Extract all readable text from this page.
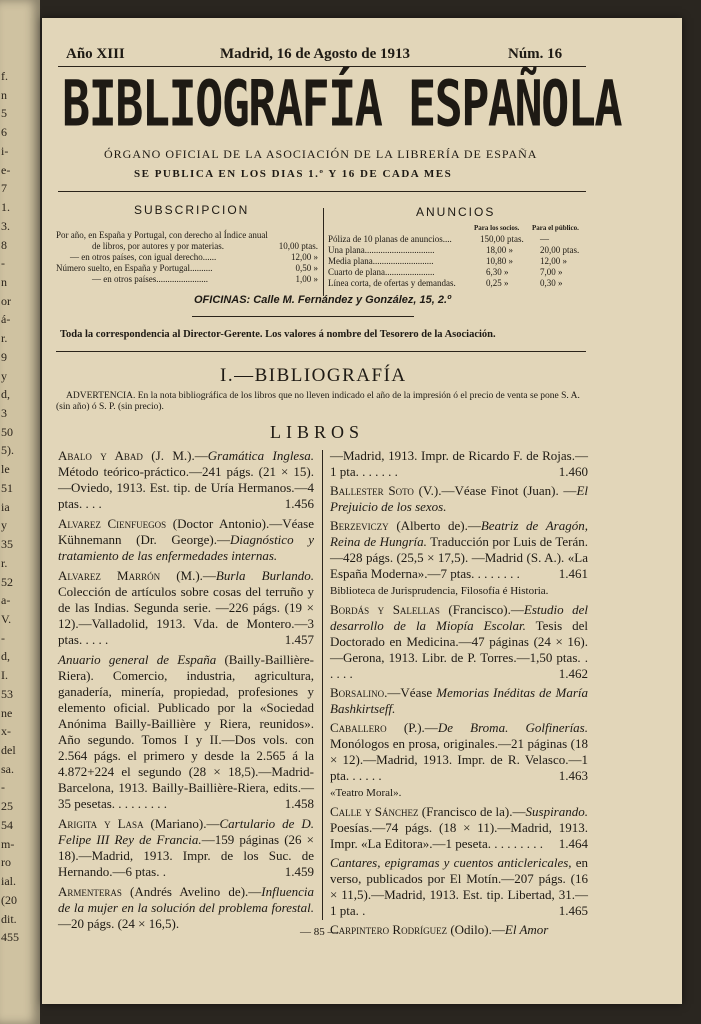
f.
n
5
6
i-
e-
7
1.
3.
8
-
n
or
á-
r.
9
y
d,
3
50
5).
le
51
ia
y
35
r.
52
a-
V.
-
d,
I.
53
ne
x-
del
sa.
-
25
54
m-
ro
ial.
(20
dit.
455
Año XIII	Madrid, 16 de Agosto de 1913	Núm. 16
BIBLIOGRAFÍA ESPAÑOLA
ÓRGANO OFICIAL DE LA ASOCIACIÓN DE LA LIBRERÍA DE ESPAÑA
SE PUBLICA EN LOS DIAS 1.º Y 16 DE CADA MES
SUBSCRIPCION
Por año, en España y Portugal, con derecho al Índice anual
de libros, por autores y por materias.	10,00 ptas.
— en otros países, con igual derecho......	12,00 »
Número suelto, en España y Portugal..........	0,50 »
— en otros países.......................	1,00 »
ANUNCIOS
Para los socios. Para el público.
Póliza de 10 planas de anuncios....	150,00 ptas. —
Una plana...............................	18,00 »	20,00 ptas.
Media plana...........................	10,80 »	12,00 »
Cuarto de plana......................	6,30 »	7,00 »
Línea corta, de ofertas y demandas.	0,25 »	0,30 »
OFICINAS: Calle M. Fernández y González, 15, 2.º
Toda la correspondencia al Director-Gerente. Los valores á nombre del Tesorero de la Asociación.
I.—BIBLIOGRAFÍA
ADVERTENCIA. En la nota bibliográfica de los libros que no lleven indicado el año de la impresión ó el precio de venta se pone S. A. (sin año) ó S. P. (sin precio).
LIBROS
Abalo y Abad (J. M.).—Gramática Inglesa. Método teórico-práctico.—241 págs. (21 × 15).—Oviedo, 1913. Est. tip. de Uría Hermanos.—4 ptas. . . .	1.456
Alvarez Cienfuegos (Doctor Antonio).—Véase Kühnemann (Dr. George).—Diagnóstico y tratamiento de las enfermedades internas.
Alvarez Marrón (M.).—Burla Burlando. Colección de artículos sobre cosas del terruño y de las Indias. Segunda serie. —226 págs. (19 × 12).—Valladolid, 1913. Vda. de Montero.—3 ptas. . . . .	1.457
Anuario general de España (Bailly-Baillière-Riera). Comercio, industria, agricultura, ganadería, minería, propiedad, profesiones y elemento oficial. Publicado por la «Sociedad Anónima Bailly-Baillière y Riera, reunidos». Año segundo. Tomos I y II.—Dos vols. con 2.564 págs. el primero y desde la 2.565 á la 4.872+224 el segundo (28 × 18,5).—Madrid-Barcelona, 1913. Bailly-Baillière-Riera, edits.—35 pesetas. . . . . . . . .	1.458
Arigita y Lasa (Mariano).—Cartulario de D. Felipe III Rey de Francia.—159 páginas (26 × 18).—Madrid, 1913. Impr. de los Suc. de Hernando.—6 ptas. .	1.459
Armenteras (Andrés Avelino de).—Influencia de la mujer en la solución del problema forestal.—20 págs. (24 × 16,5).
—Madrid, 1913. Impr. de Ricardo F. de Rojas.—1 pta. . . . . . .	1.460
Ballester Soto (V.).—Véase Finot (Juan). —El Prejuicio de los sexos.
Berzeviczy (Alberto de).—Beatriz de Aragón, Reina de Hungría. Traducción por Luis de Terán.—428 págs. (25,5 × 17,5). —Madrid (S. A.). «La España Moderna».—7 ptas. . . . . . . .	1.461
Biblioteca de Jurisprudencia, Filosofía é Historia.
Bordás y Salellas (Francisco).—Estudio del desarrollo de la Miopía Escolar. Tesis del Doctorado en Medicina.—47 páginas (24 × 16).—Gerona, 1913. Libr. de P. Torres.—1,50 ptas. . . . . .	1.462
Borsalino.—Véase Memorias Inéditas de María Bashkirtseff.
Caballero (P.).—De Broma. Golfinerías. Monólogos en prosa, originales.—21 páginas (18 × 12).—Madrid, 1913. Impr. de R. Velasco.—1 pta. . . . . .	1.463
«Teatro Moral».
Calle y Sánchez (Francisco de la).—Suspirando. Poesías.—74 págs. (18 × 11).—Madrid, 1913. Impr. «La Editora».—1 peseta. . . . . . . . . 1.464
Cantares, epigramas y cuentos anticlericales, en verso, publicados por El Motín.—207 págs. (16 × 11,5).—Madrid, 1913. Est. tip. Libertad, 31.—1 pta. .	1.465
Carpintero Rodríguez (Odilo).—El Amor
— 85 —
